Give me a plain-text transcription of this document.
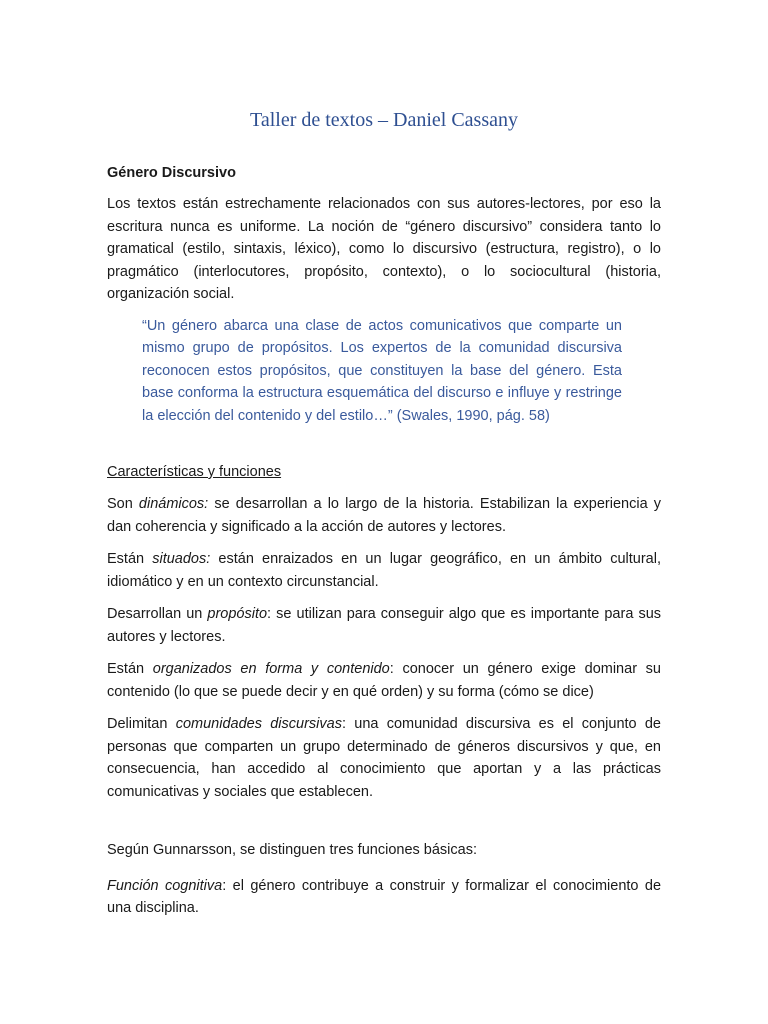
Taller de textos – Daniel Cassany
Género Discursivo

Los textos están estrechamente relacionados con sus autores-lectores, por eso la escritura nunca es uniforme. La noción de “género discursivo” considera tanto lo gramatical (estilo, sintaxis, léxico), como lo discursivo (estructura, registro), o lo pragmático (interlocutores, propósito, contexto), o lo sociocultural (historia, organización social.

“Un género abarca una clase de actos comunicativos que comparte un mismo grupo de propósitos. Los expertos de la comunidad discursiva reconocen estos propósitos, que constituyen la base del género. Esta base conforma la estructura esquemática del discurso e influye y restringe la elección del contenido y del estilo…” (Swales, 1990, pág. 58)

Características y funciones

Son dinámicos: se desarrollan a lo largo de la historia. Estabilizan la experiencia y dan coherencia y significado a la acción de autores y lectores.

Están situados: están enraizados en un lugar geográfico, en un ámbito cultural, idiomático y en un contexto circunstancial.

Desarrollan un propósito: se utilizan para conseguir algo que es importante para sus autores y lectores.

Están organizados en forma y contenido: conocer un género exige dominar su contenido (lo que se puede decir y en qué orden) y su forma (cómo se dice)

Delimitan comunidades discursivas: una comunidad discursiva es el conjunto de personas que comparten un grupo determinado de géneros discursivos y que, en consecuencia, han accedido al conocimiento que aportan y a las prácticas comunicativas y sociales que establecen.

Según Gunnarsson, se distinguen tres funciones básicas:

Función cognitiva: el género contribuye a construir y formalizar el conocimiento de una disciplina.
